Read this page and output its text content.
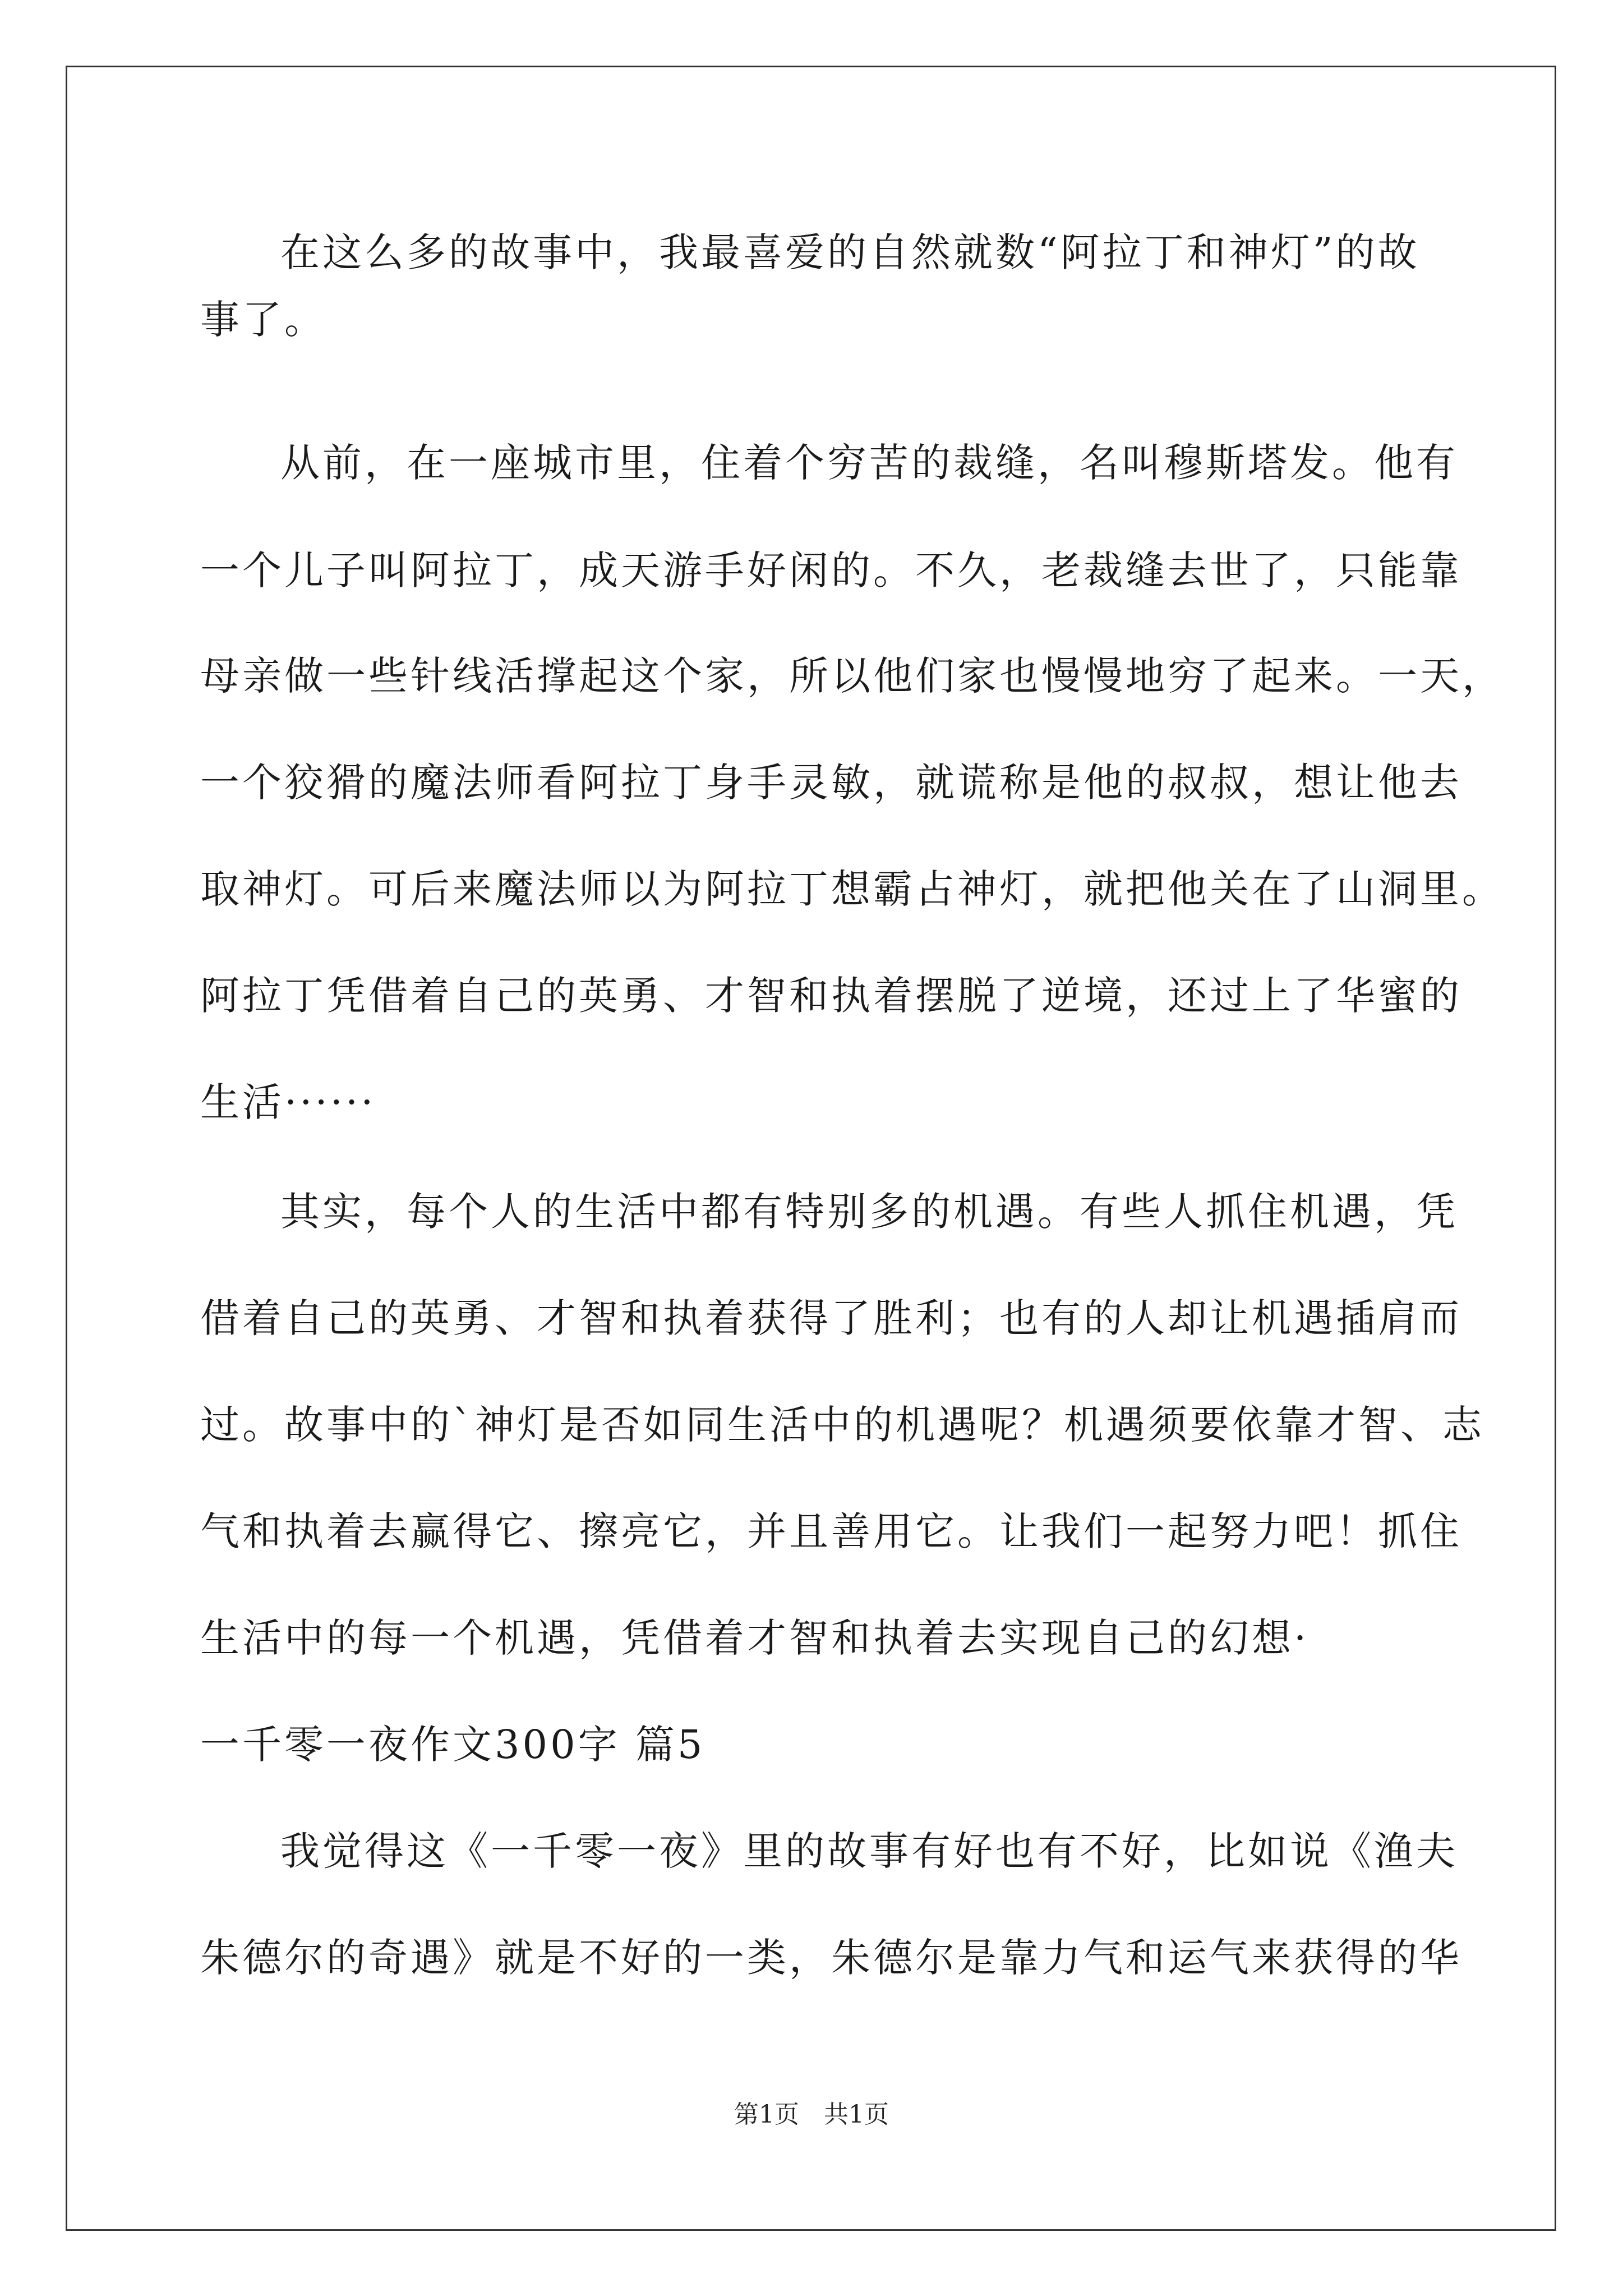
在这么多的故事中，我最喜爱的自然就数“阿拉丁和神灯”的故
事了。
从前，在一座城市里，住着个穷苦的裁缝，名叫穆斯塔发。他有
一个儿子叫阿拉丁，成天游手好闲的。不久，老裁缝去世了，只能靠
母亲做一些针线活撑起这个家，所以他们家也慢慢地穷了起来。一天，
一个狡猾的魔法师看阿拉丁身手灵敏，就谎称是他的叔叔，想让他去
取神灯。可后来魔法师以为阿拉丁想霸占神灯，就把他关在了山洞里。
阿拉丁凭借着自己的英勇、才智和执着摆脱了逆境，还过上了华蜜的
生活······
其实，每个人的生活中都有特别多的机遇。有些人抓住机遇，凭
借着自己的英勇、才智和执着获得了胜利；也有的人却让机遇插肩而
过。故事中的`神灯是否如同生活中的机遇呢？机遇须要依靠才智、志
气和执着去赢得它、擦亮它，并且善用它。让我们一起努力吧！抓住
生活中的每一个机遇，凭借着才智和执着去实现自己的幻想·
一千零一夜作文300字 篇5
我觉得这《一千零一夜》里的故事有好也有不好，比如说《渔夫
朱德尔的奇遇》就是不好的一类，朱德尔是靠力气和运气来获得的华
第1页　共1页
